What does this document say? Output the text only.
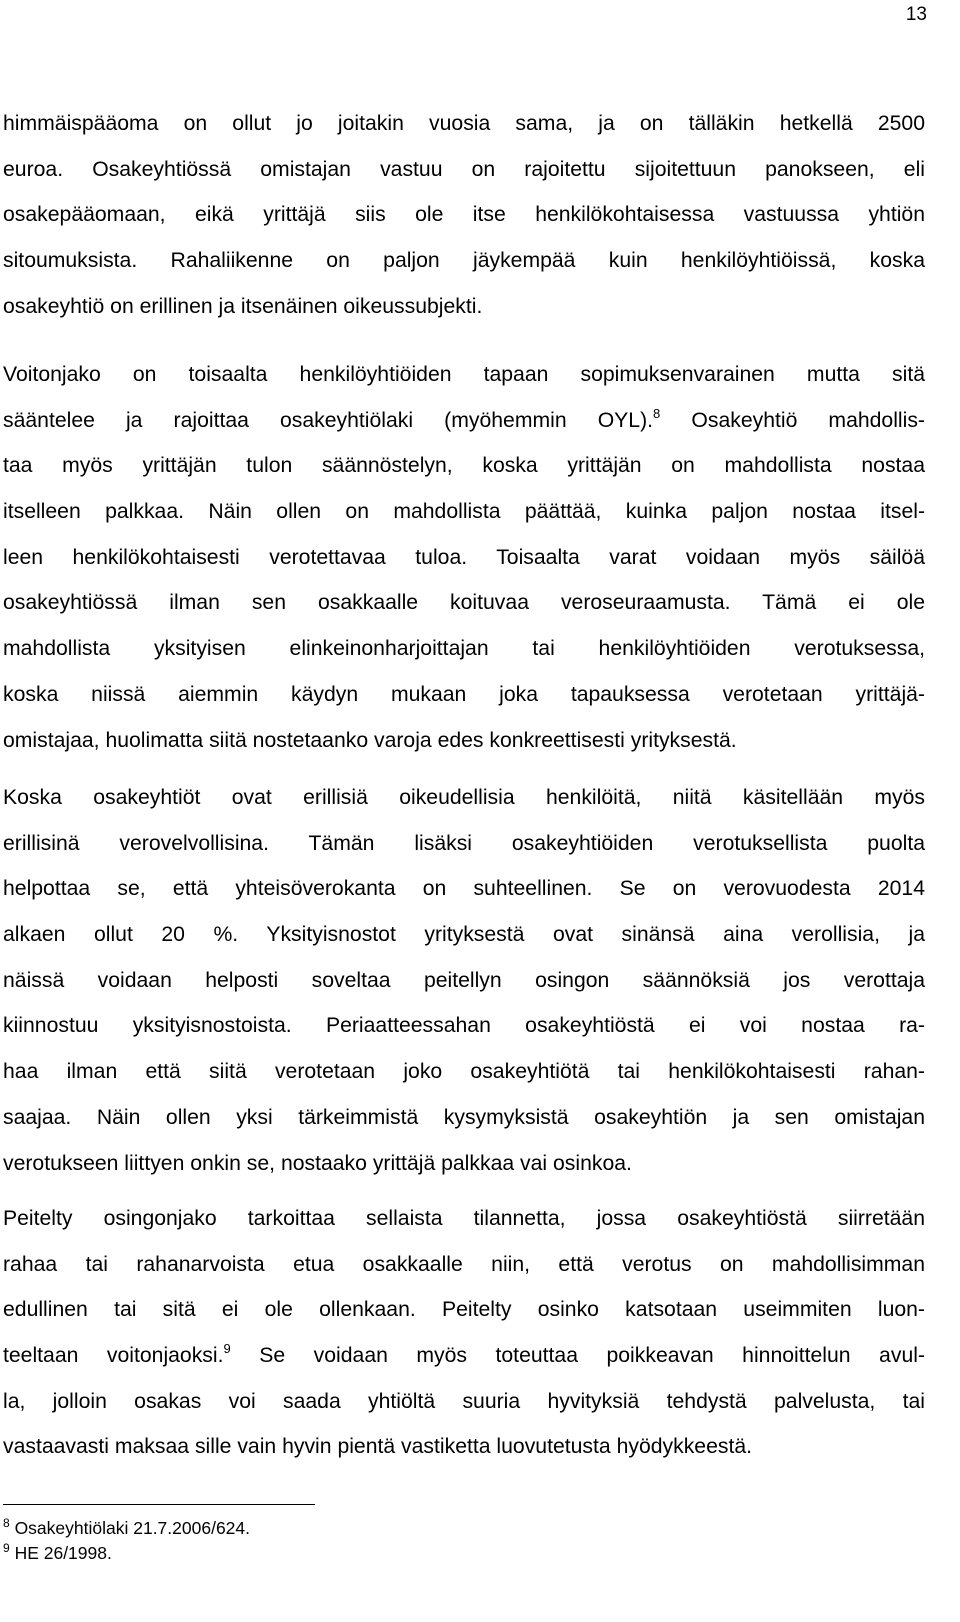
13
himmäispääoma on ollut jo joitakin vuosia sama, ja on tälläkin hetkellä 2500
euroa. Osakeyhtiössä omistajan vastuu on rajoitettu sijoitettuun panokseen, eli
osakepääomaan, eikä yrittäjä siis ole itse henkilökohtaisessa vastuussa yhtiön
sitoumuksista. Rahaliikenne on paljon jäykempää kuin henkilöyhtiöissä, koska
osakeyhtiö on erillinen ja itsenäinen oikeussubjekti.
Voitonjako on toisaalta henkilöyhtiöiden tapaan sopimuksenvarainen mutta sitä
sääntelee ja rajoittaa osakeyhtiölaki (myöhemmin OYL).$^8$ Osakeyhtiö mahdollis-
taa myös yrittäjän tulon säännöstelyn, koska yrittäjän on mahdollista nostaa
itselleen palkkaa. Näin ollen on mahdollista päättää, kuinka paljon nostaa itsel-
leen henkilökohtaisesti verotettavaa tuloa. Toisaalta varat voidaan myös säilöä
osakeyhtiössä ilman sen osakkaalle koituvaa veroseuraamusta. Tämä ei ole
mahdollista yksityisen elinkeinonharjoittajan tai henkilöyhtiöiden verotuksessa,
koska niissä aiemmin käydyn mukaan joka tapauksessa verotetaan yrittäjä-
omistajaa, huolimatta siitä nostetaanko varoja edes konkreettisesti yrityksestä.
Koska osakeyhtiöt ovat erillisiä oikeudellisia henkilöitä, niitä käsitellään myös
erillisinä verovelvollisina. Tämän lisäksi osakeyhtiöiden verotuksellista puolta
helpottaa se, että yhteisöverokanta on suhteellinen. Se on verovuodesta 2014
alkaen ollut 20 %. Yksityisnostot yrityksestä ovat sinänsä aina verollisia, ja
näissä voidaan helposti soveltaa peitellyn osingon säännöksiä jos verottaja
kiinnostuu yksityisnostoista. Periaatteessahan osakeyhtiöstä ei voi nostaa ra-
haa ilman että siitä verotetaan joko osakeyhtiötä tai henkilökohtaisesti rahan-
saajaa. Näin ollen yksi tärkeimmistä kysymyksistä osakeyhtiön ja sen omistajan
verotukseen liittyen onkin se, nostaako yrittäjä palkkaa vai osinkoa.
Peitelty osingonjako tarkoittaa sellaista tilannetta, jossa osakeyhtiöstä siirretään
rahaa tai rahanarvoista etua osakkaalle niin, että verotus on mahdollisimman
edullinen tai sitä ei ole ollenkaan. Peitelty osinko katsotaan useimmiten luon-
teeltaan voitonjaoksi.$^9$ Se voidaan myös toteuttaa poikkeavan hinnoittelun avul-
la, jolloin osakas voi saada yhtiöltä suuria hyvityksiä tehdystä palvelusta, tai
vastaavasti maksaa sille vain hyvin pientä vastiketta luovutetusta hyödykkeestä.
$^8$ Osakeyhtiölaki 21.7.2006/624.
$^9$ HE 26/1998.
